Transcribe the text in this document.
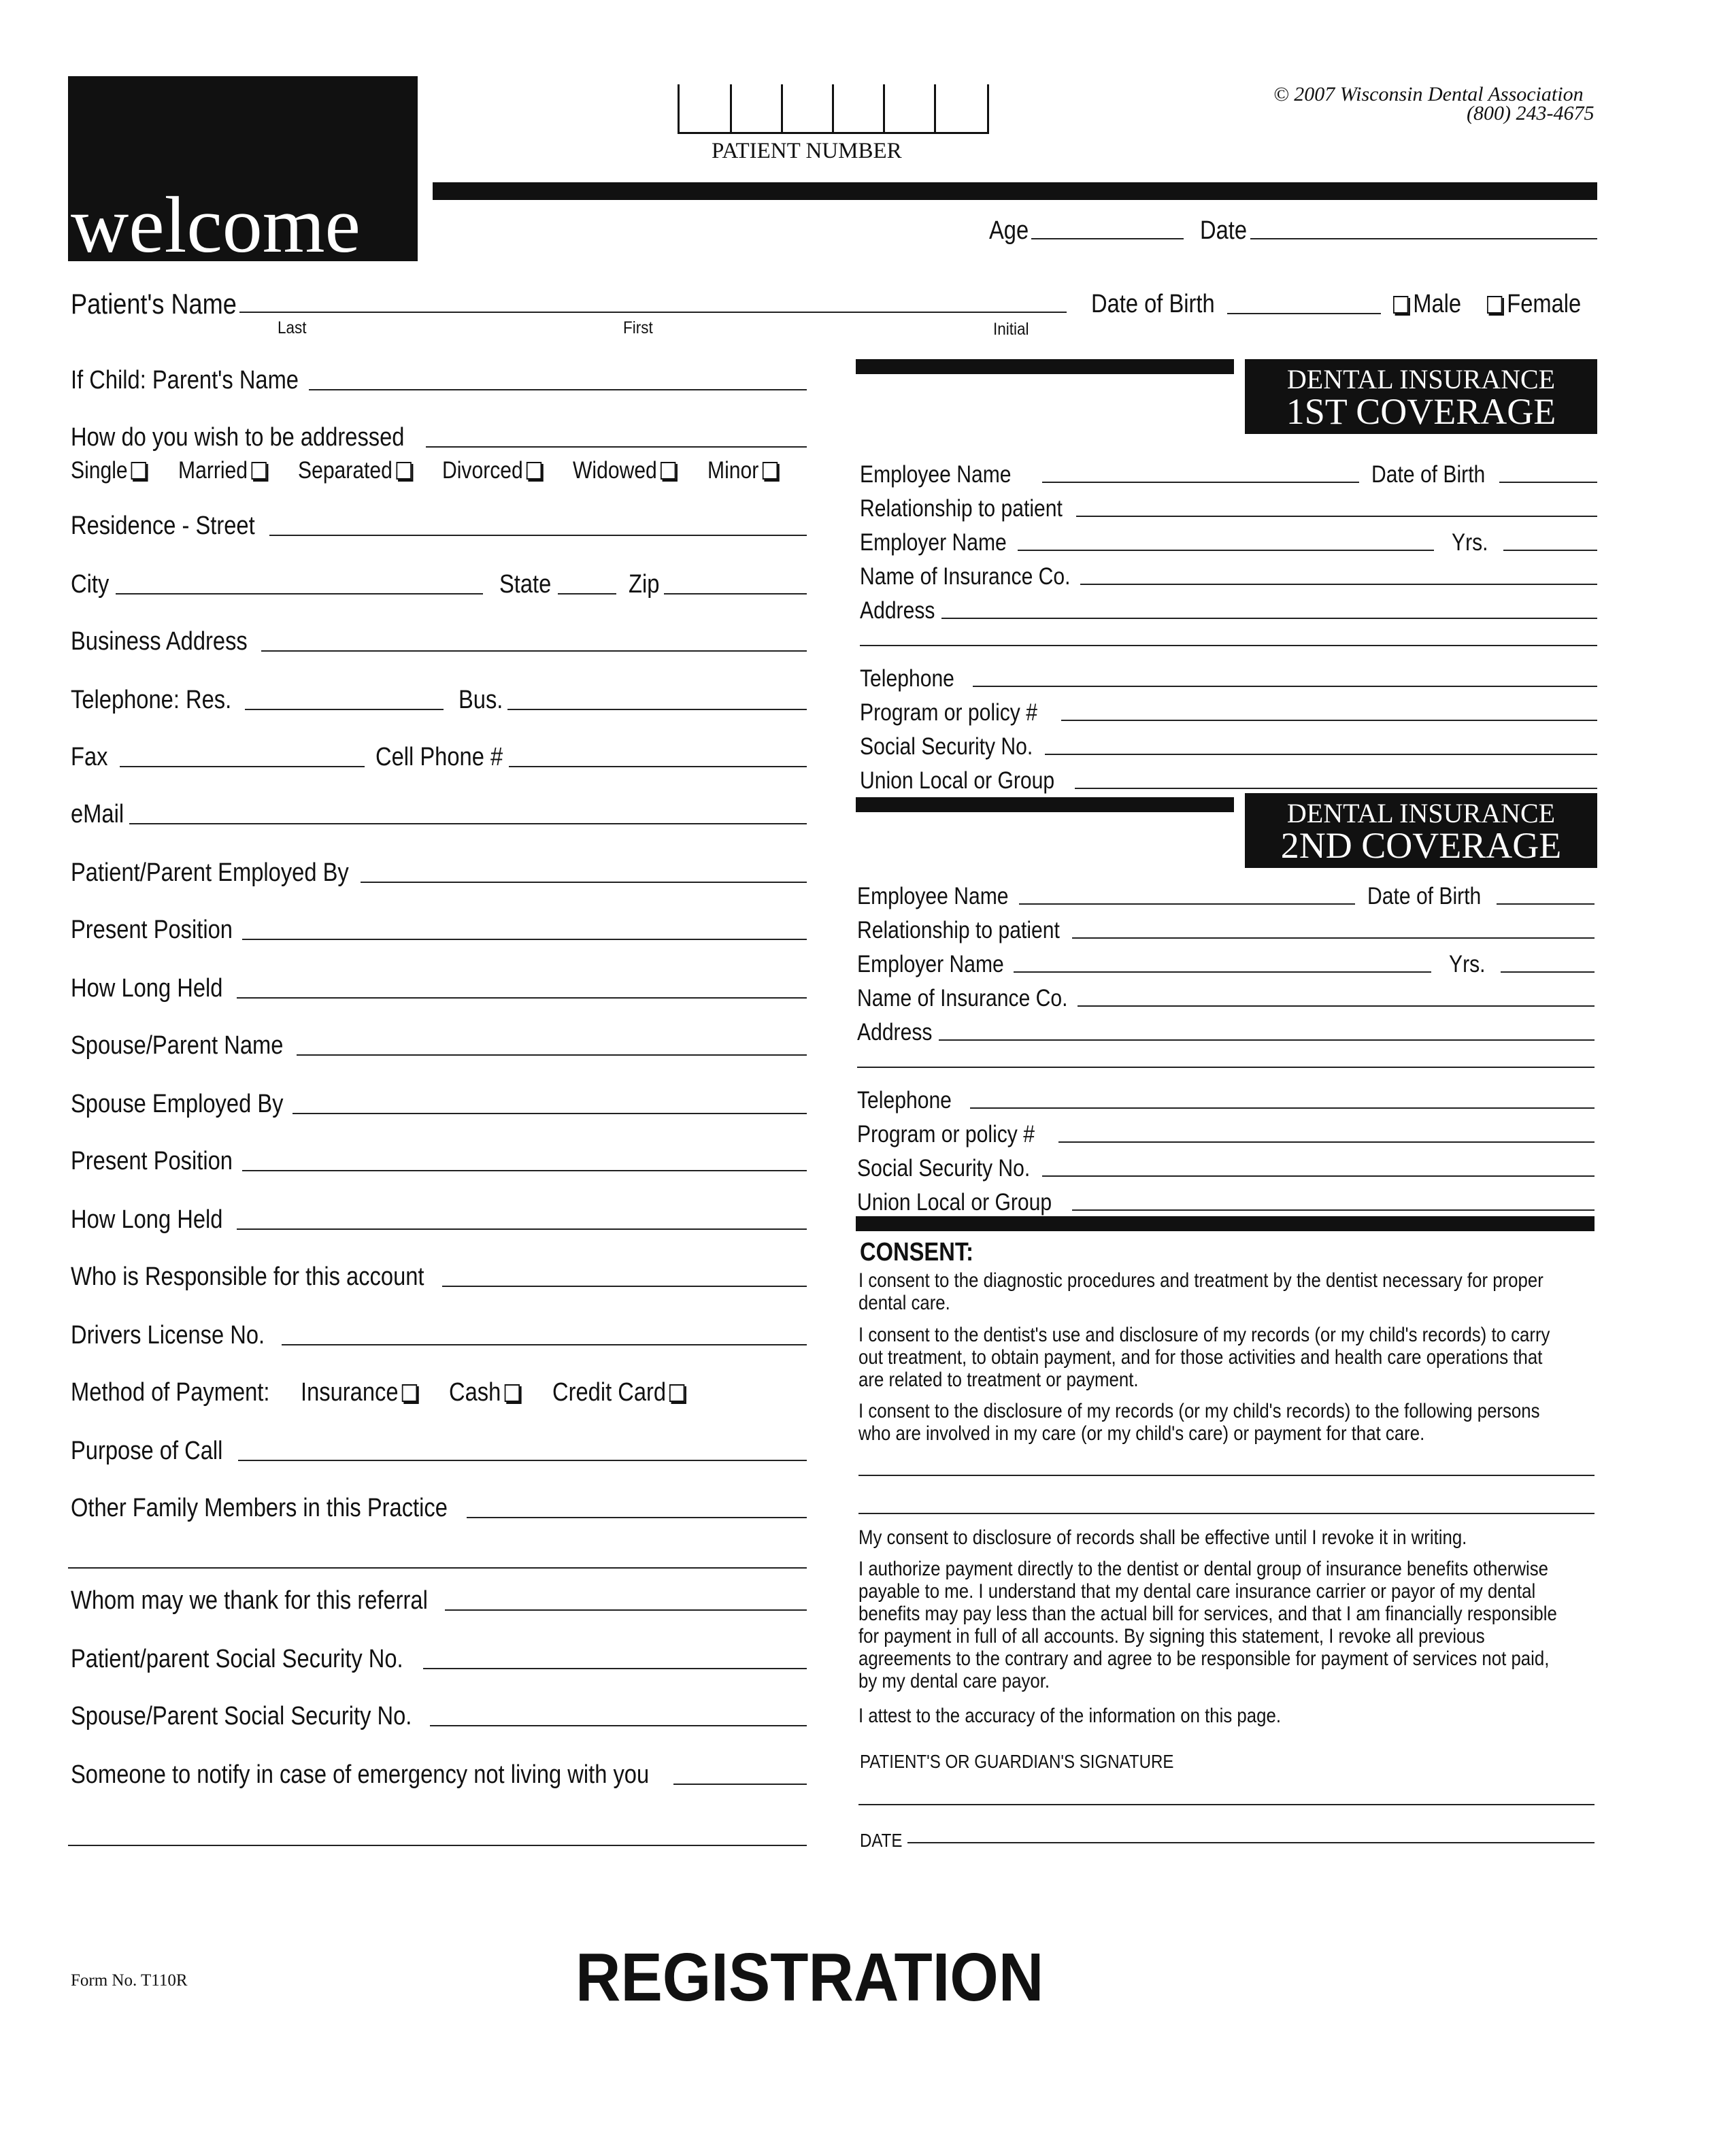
welcome
PATIENT NUMBER
© 2007 Wisconsin Dental Association
(800) 243-4675
Age	Date
Patient's Name
Last	First	Initial
Date of Birth	Male	Female
If Child: Parent's Name
How do you wish to be addressed
Single	Married	Separated	Divorced	Widowed	Minor
Residence - Street
City	State	Zip
Business Address
Telephone: Res.	Bus.
Fax	Cell Phone #
eMail
Patient/Parent Employed By
Present Position
How Long Held
Spouse/Parent Name
Spouse Employed By
Present Position
How Long Held
Who is Responsible for this account
Drivers License No.
Method of Payment: Insurance	Cash	Credit Card
Purpose of Call
Other Family Members in this Practice
Whom may we thank for this referral
Patient/parent Social Security No.
Spouse/Parent Social Security No.
Someone to notify in case of emergency not living with you
DENTAL INSURANCE
1ST COVERAGE
Employee Name	Date of Birth
Relationship to patient
Employer Name	Yrs.
Name of Insurance Co.
Address
Telephone
Program or policy #
Social Security No.
Union Local or Group
DENTAL INSURANCE
2ND COVERAGE
Employee Name	Date of Birth
Relationship to patient
Employer Name	Yrs.
Name of Insurance Co.
Address
Telephone
Program or policy #
Social Security No.
Union Local or Group
CONSENT:
I consent to the diagnostic procedures and treatment by the dentist necessary for proper dental care.
I consent to the dentist's use and disclosure of my records (or my child's records) to carry out treatment, to obtain payment, and for those activities and health care operations that are related to treatment or payment.
I consent to the disclosure of my records (or my child's records) to the following persons who are involved in my care (or my child's care) or payment for that care.
My consent to disclosure of records shall be effective until I revoke it in writing.
I authorize payment directly to the dentist or dental group of insurance benefits otherwise payable to me. I understand that my dental care insurance carrier or payor of my dental benefits may pay less than the actual bill for services, and that I am financially responsible for payment in full of all accounts. By signing this statement, I revoke all previous agreements to the contrary and agree to be responsible for payment of services not paid, by my dental care payor.
I attest to the accuracy of the information on this page.
PATIENT'S OR GUARDIAN'S SIGNATURE
DATE
Form No. T110R	REGISTRATION
